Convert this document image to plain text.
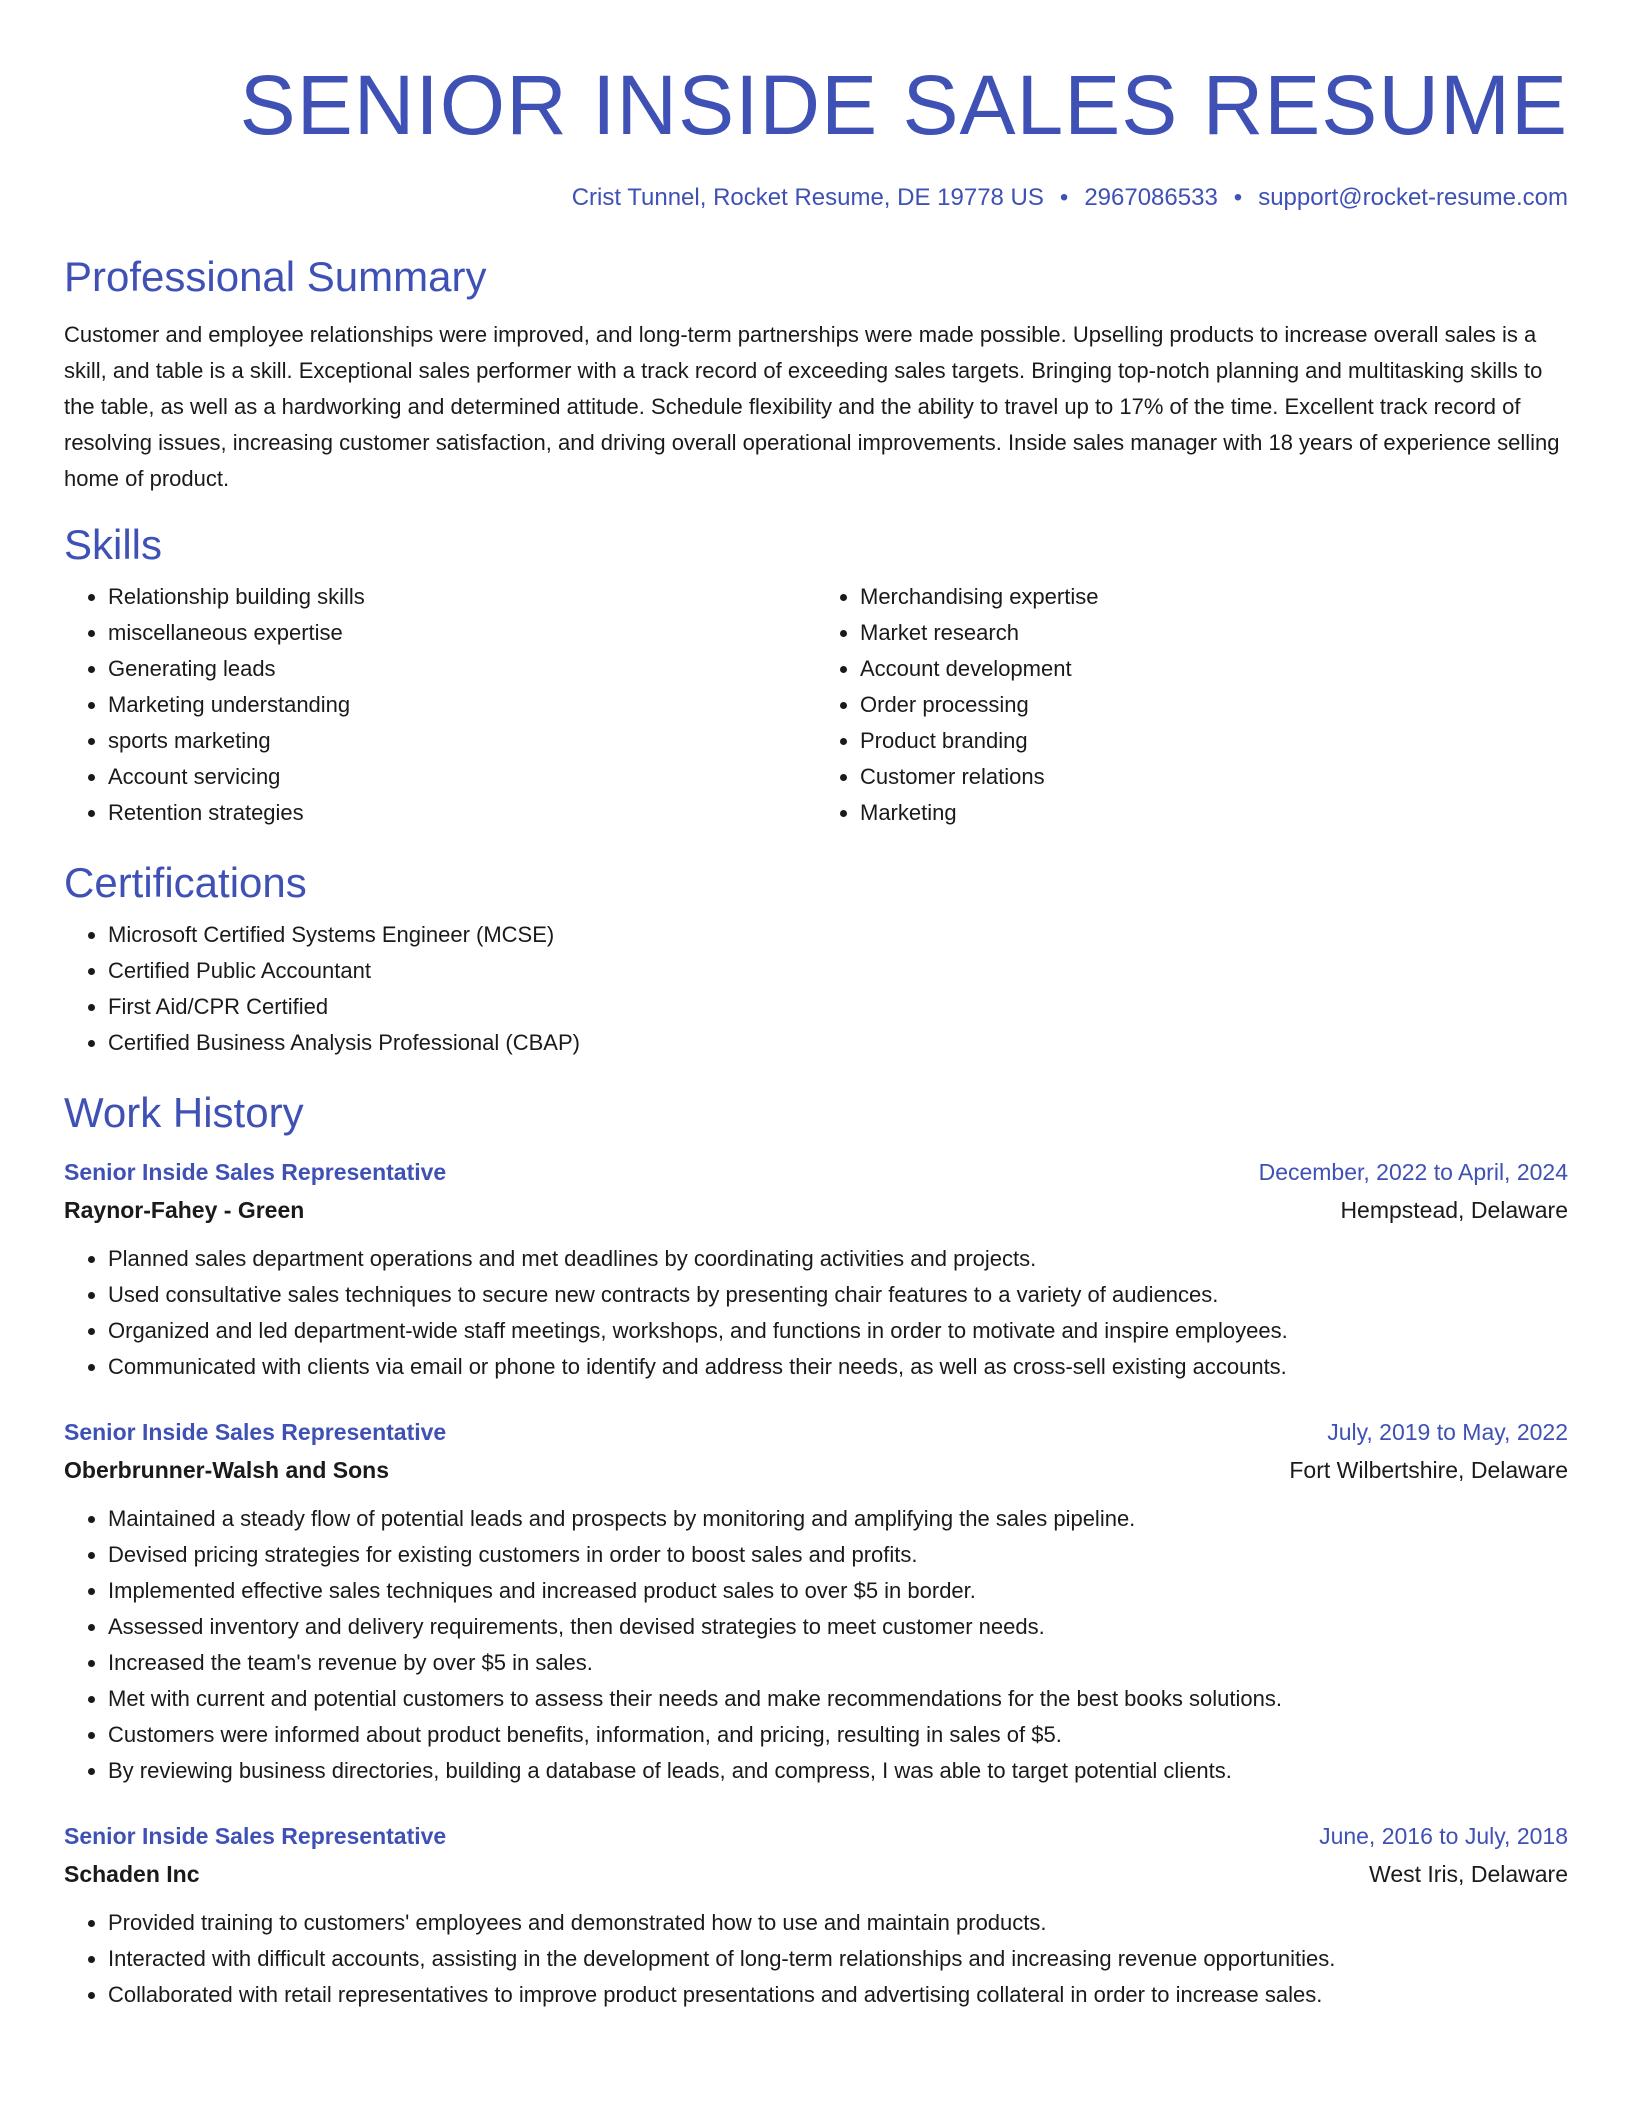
SENIOR INSIDE SALES RESUME
Crist Tunnel, Rocket Resume, DE 19778 US • 2967086533 • support@rocket-resume.com
Professional Summary

Customer and employee relationships were improved, and long-term partnerships were made possible. Upselling products to increase overall sales is a skill, and table is a skill. Exceptional sales performer with a track record of exceeding sales targets. Bringing top-notch planning and multitasking skills to the table, as well as a hardworking and determined attitude. Schedule flexibility and the ability to travel up to 17% of the time. Excellent track record of resolving issues, increasing customer satisfaction, and driving overall operational improvements. Inside sales manager with 18 years of experience selling home of product.

Skills
• Relationship building skills
• miscellaneous expertise
• Generating leads
• Marketing understanding
• sports marketing
• Account servicing
• Retention strategies
• Merchandising expertise
• Market research
• Account development
• Order processing
• Product branding
• Customer relations
• Marketing
Certifications
• Microsoft Certified Systems Engineer (MCSE)
• Certified Public Accountant
• First Aid/CPR Certified
• Certified Business Analysis Professional (CBAP)
Work History
Senior Inside Sales Representative	December, 2022 to April, 2024
Raynor-Fahey - Green	Hempstead, Delaware
• Planned sales department operations and met deadlines by coordinating activities and projects.
• Used consultative sales techniques to secure new contracts by presenting chair features to a variety of audiences.
• Organized and led department-wide staff meetings, workshops, and functions in order to motivate and inspire employees.
• Communicated with clients via email or phone to identify and address their needs, as well as cross-sell existing accounts.
Senior Inside Sales Representative	July, 2019 to May, 2022
Oberbrunner-Walsh and Sons	Fort Wilbertshire, Delaware
• Maintained a steady flow of potential leads and prospects by monitoring and amplifying the sales pipeline.
• Devised pricing strategies for existing customers in order to boost sales and profits.
• Implemented effective sales techniques and increased product sales to over $5 in border.
• Assessed inventory and delivery requirements, then devised strategies to meet customer needs.
• Increased the team's revenue by over $5 in sales.
• Met with current and potential customers to assess their needs and make recommendations for the best books solutions.
• Customers were informed about product benefits, information, and pricing, resulting in sales of $5.
• By reviewing business directories, building a database of leads, and compress, I was able to target potential clients.
Senior Inside Sales Representative	June, 2016 to July, 2018
Schaden Inc	West Iris, Delaware
• Provided training to customers' employees and demonstrated how to use and maintain products.
• Interacted with difficult accounts, assisting in the development of long-term relationships and increasing revenue opportunities.
• Collaborated with retail representatives to improve product presentations and advertising collateral in order to increase sales.
